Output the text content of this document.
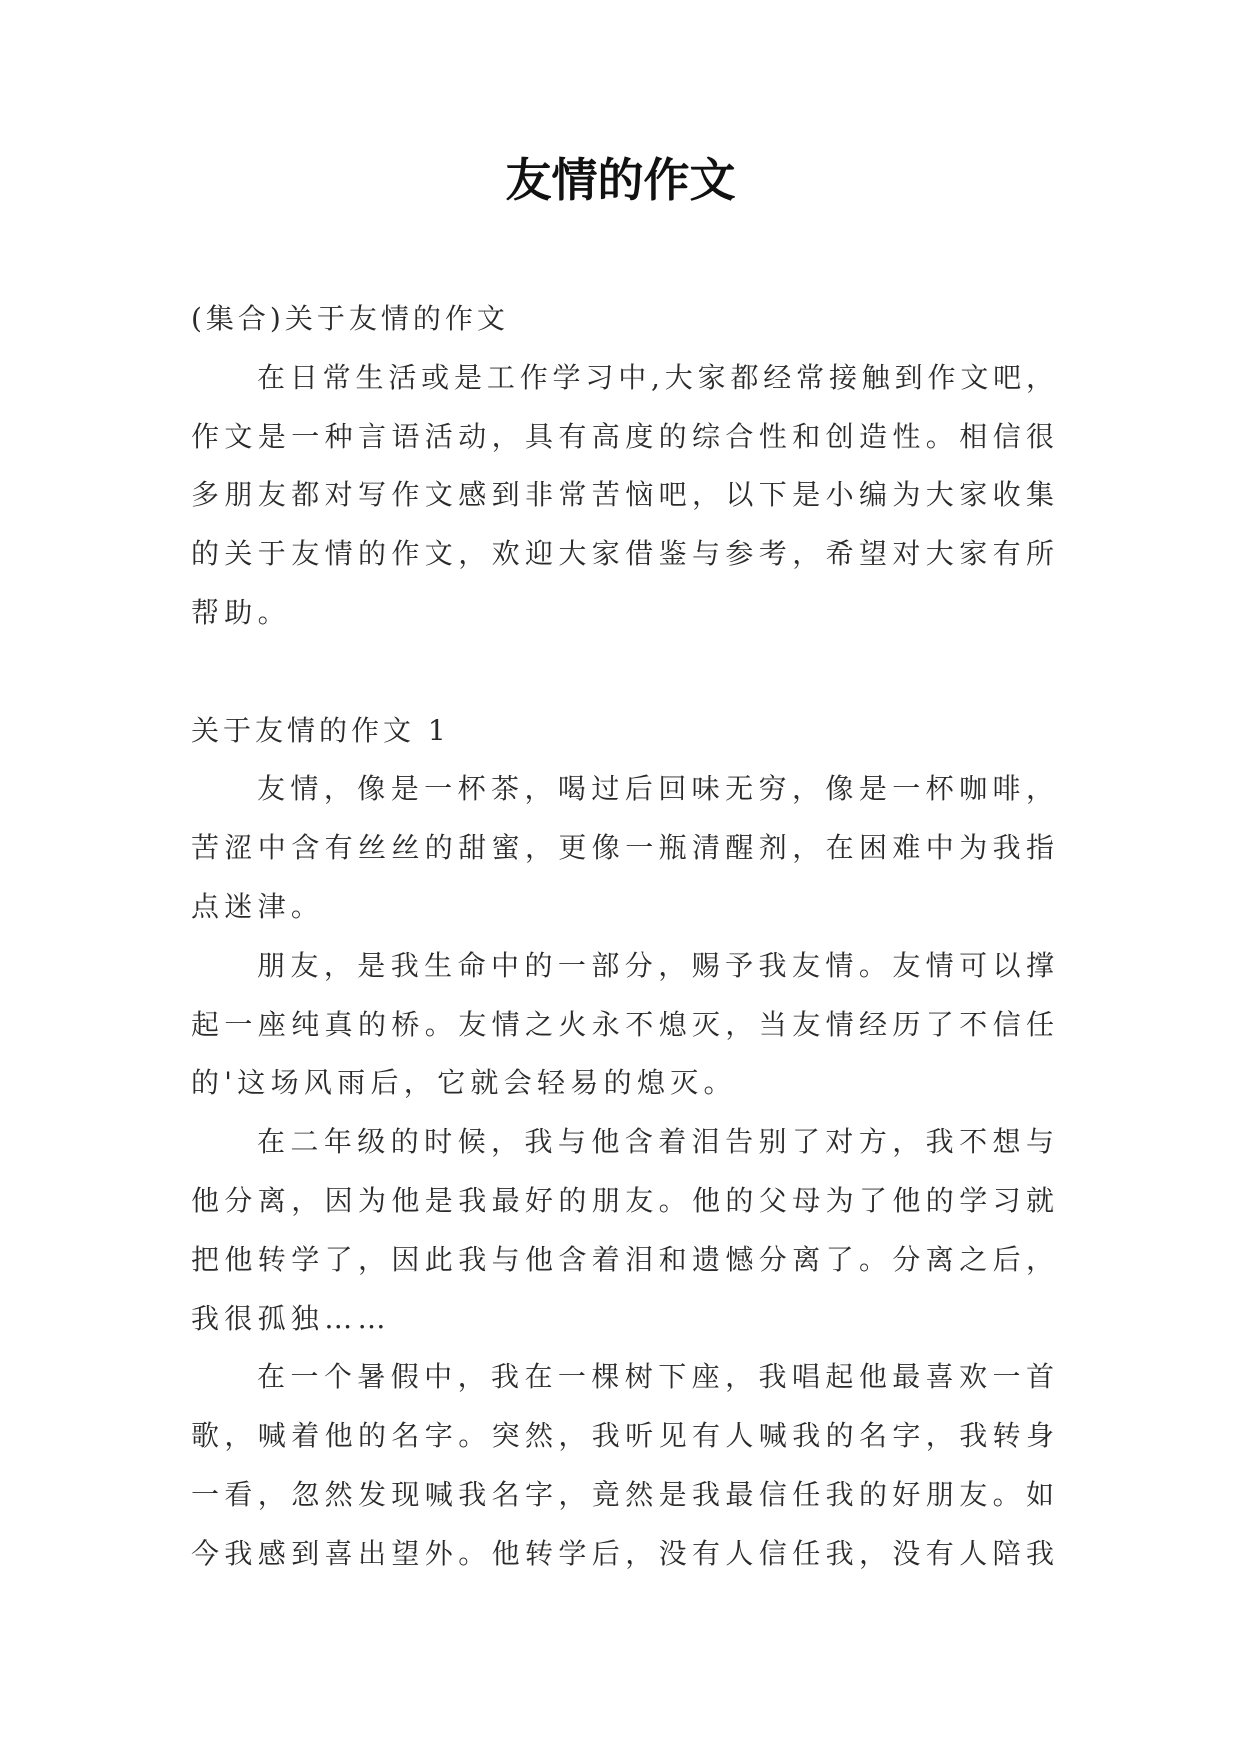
友情的作文

(集合)关于友情的作文

在日常生活或是工作学习中,大家都经常接触到作文吧，
作文是一种言语活动，具有高度的综合性和创造性。相信很
多朋友都对写作文感到非常苦恼吧，以下是小编为大家收集
的关于友情的作文，欢迎大家借鉴与参考，希望对大家有所
帮助。

关于友情的作文 1

友情，像是一杯茶，喝过后回味无穷，像是一杯咖啡，
苦涩中含有丝丝的甜蜜，更像一瓶清醒剂，在困难中为我指
点迷津。
朋友，是我生命中的一部分，赐予我友情。友情可以撑
起一座纯真的桥。友情之火永不熄灭，当友情经历了不信任
的'这场风雨后，它就会轻易的熄灭。
在二年级的时候，我与他含着泪告别了对方，我不想与
他分离，因为他是我最好的朋友。他的父母为了他的学习就
把他转学了，因此我与他含着泪和遗憾分离了。分离之后，
我很孤独……
在一个暑假中，我在一棵树下座，我唱起他最喜欢一首
歌，喊着他的名字。突然，我听见有人喊我的名字，我转身
一看，忽然发现喊我名字，竟然是我最信任我的好朋友。如
今我感到喜出望外。他转学后，没有人信任我，没有人陪我
